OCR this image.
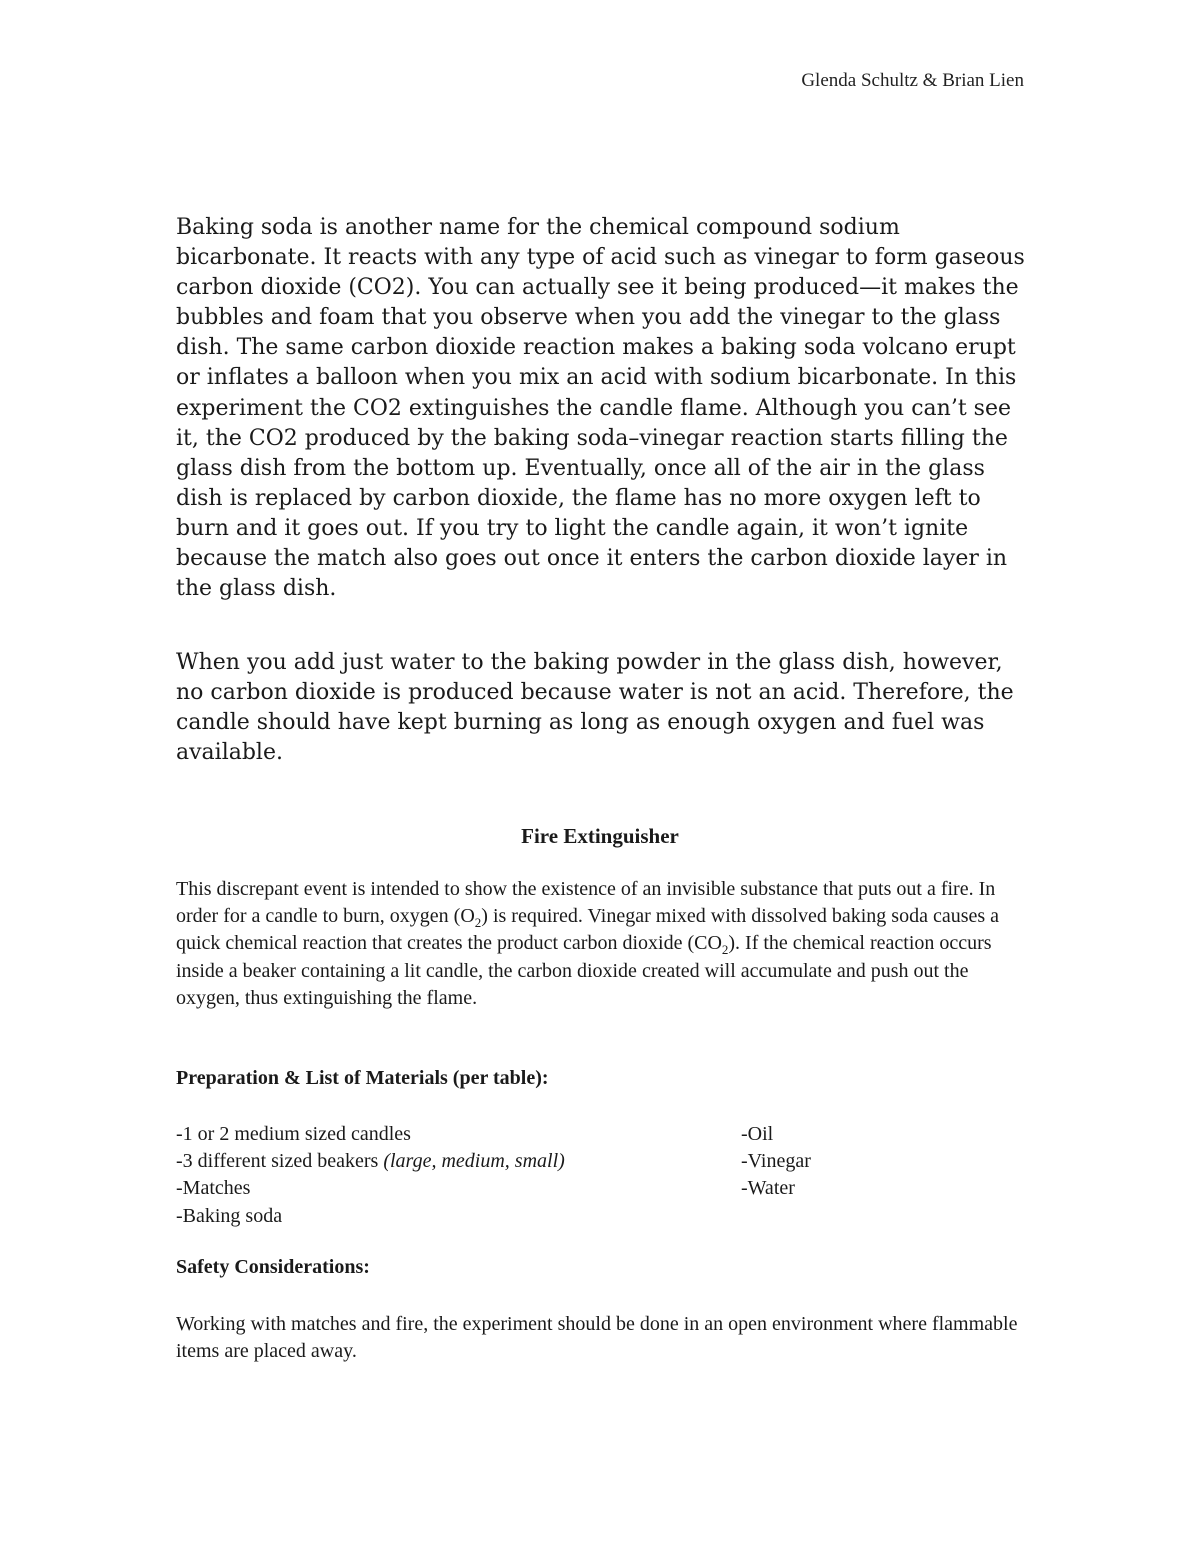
Glenda Schultz & Brian Lien

Baking soda is another name for the chemical compound sodium bicarbonate. It reacts with any type of acid such as vinegar to form gaseous carbon dioxide (CO2). You can actually see it being produced—it makes the bubbles and foam that you observe when you add the vinegar to the glass dish. The same carbon dioxide reaction makes a baking soda volcano erupt or inflates a balloon when you mix an acid with sodium bicarbonate. In this experiment the CO2 extinguishes the candle flame. Although you can’t see it, the CO2 produced by the baking soda–vinegar reaction starts filling the glass dish from the bottom up. Eventually, once all of the air in the glass dish is replaced by carbon dioxide, the flame has no more oxygen left to burn and it goes out. If you try to light the candle again, it won’t ignite because the match also goes out once it enters the carbon dioxide layer in the glass dish.

When you add just water to the baking powder in the glass dish, however, no carbon dioxide is produced because water is not an acid. Therefore, the candle should have kept burning as long as enough oxygen and fuel was available.

Fire Extinguisher

This discrepant event is intended to show the existence of an invisible substance that puts out a fire. In order for a candle to burn, oxygen $(O_2)$ is required. Vinegar mixed with dissolved baking soda causes a quick chemical reaction that creates the product carbon dioxide $(CO_2)$. If the chemical reaction occurs inside a beaker containing a lit candle, the carbon dioxide created will accumulate and push out the oxygen, thus extinguishing the flame.

Preparation & List of Materials (per table):
-1 or 2 medium sized candles
-3 different sized beakers (large, medium, small)
-Matches
-Baking soda
-Oil
-Vinegar
-Water
Safety Considerations:

Working with matches and fire, the experiment should be done in an open environment where flammable items are placed away.
